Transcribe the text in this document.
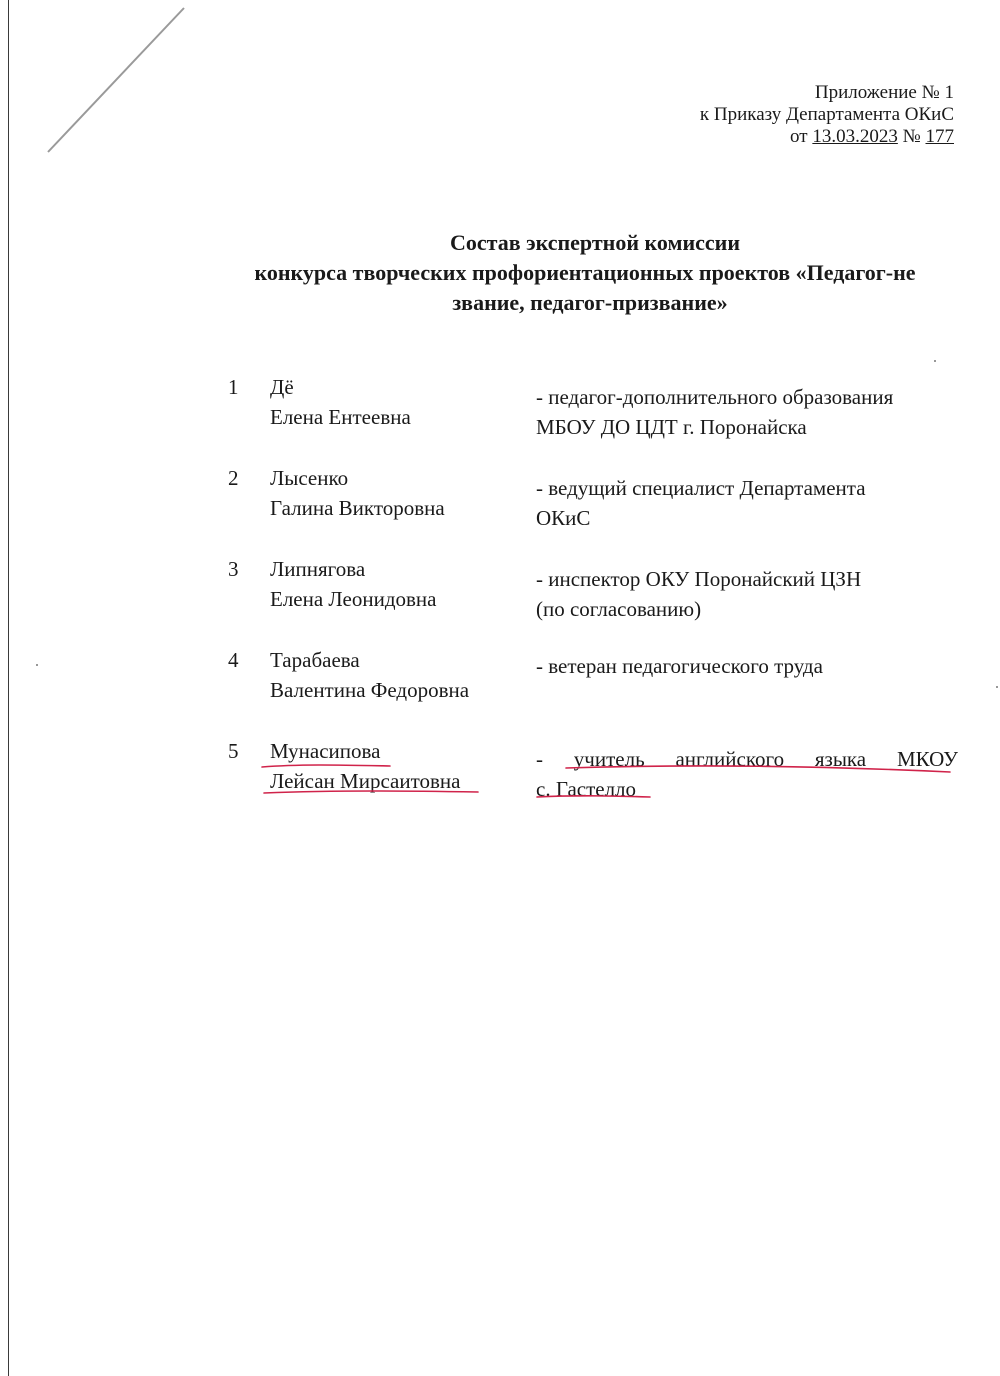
Приложение № 1
к Приказу Департамента ОКиС
от 13.03.2023 № 177
Состав экспертной комиссии
конкурса творческих профориентационных проектов «Педагог-не
звание, педагог-призвание»
1	Дё
Елена Ентеевна
- педагог-дополнительного образования
МБОУ ДО ЦДТ г. Поронайска
2	Лысенко
Галина Викторовна
- ведущий специалист Департамента
ОКиС
3	Липнягова
Елена Леонидовна
- инспектор ОКУ Поронайский ЦЗН
(по согласованию)
4	Тарабаева
Валентина Федоровна
- ветеран педагогического труда
5	Мунасипова
Лейсан Мирсаитовна
- учитель английского языка МКОУ
с. Гастелло
